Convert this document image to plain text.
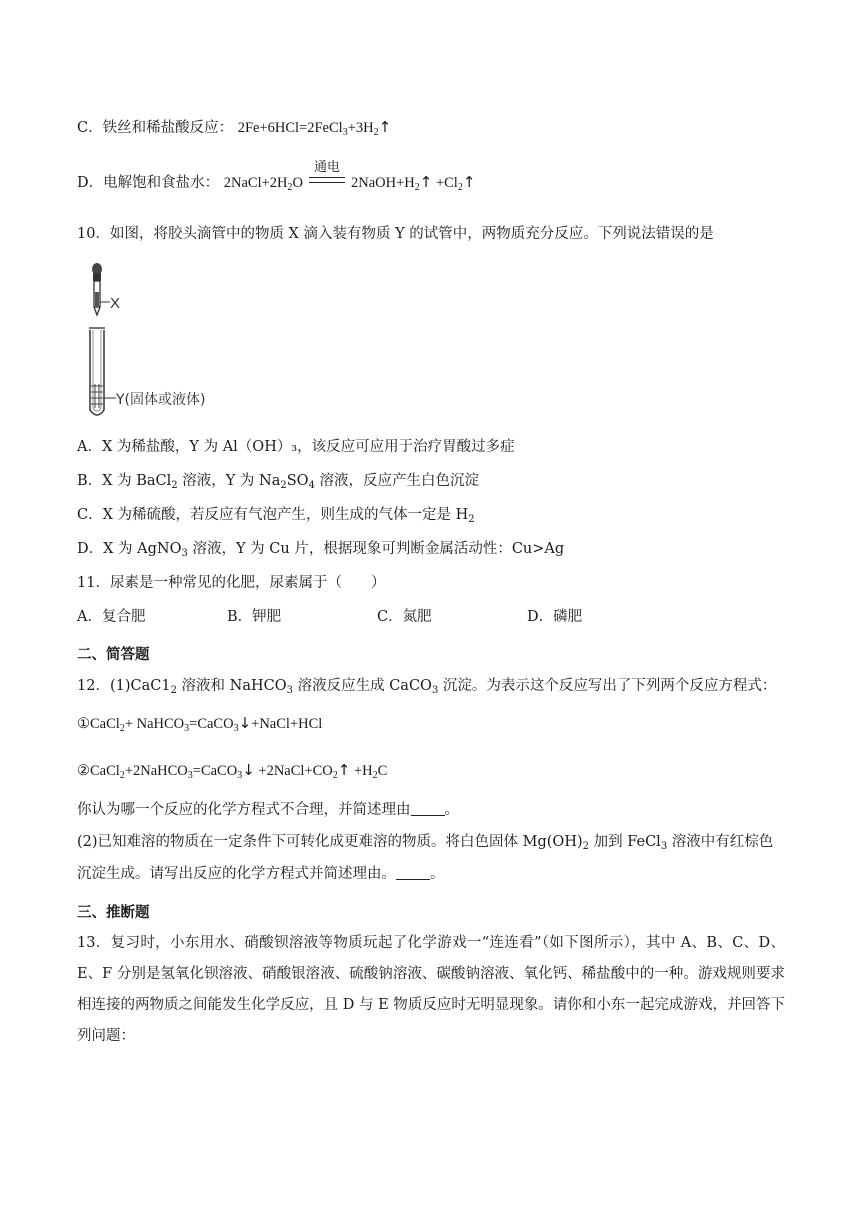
C．铁丝和稀盐酸反应： $2Fe+6HCl=2FeCl_3+3H_2↑$
D．电解饱和食盐水： $2NaCl+2H_2O$
通电
$2NaOH+H_2↑$ $+Cl_2↑$
10．如图，将胶头滴管中的物质 X 滴入装有物质 Y 的试管中，两物质充分反应。下列说法错误的是
X
Y(固体或液体)
A．X 为稀盐酸，Y 为 Al（OH）₃，该反应可应用于治疗胃酸过多症
B．X 为 BaCl$_2$ 溶液，Y 为 $Na_2SO_4$ 溶液，反应产生白色沉淀
C．X 为稀硫酸，若反应有气泡产生，则生成的气体一定是 $H_2$
D．X 为 AgNO$_3$ 溶液，Y 为 Cu 片，根据现象可判断金属活动性：Cu>Ag
11．尿素是一种常见的化肥，尿素属于（　　）
A．复合肥	B．钾肥	C．氮肥	D．磷肥
二、简答题
12．$(1)CaC1_2$ 溶液和 NaHCO$_3$ 溶液反应生成 CaCO$_3$ 沉淀。为表示这个反应写出了下列两个反应方程式：
①CaCl$_2$+ NaHCO$_3$=CaCO$_3$↓+NaCl+HCl
②CaCl$_2$+2NaHCO$_3$=CaCO$_3$↓ $+2NaCl+CO_2↑ +H_2C$
你认为哪一个反应的化学方程式不合理，并简述理由 。
(2)已知难溶的物质在一定条件下可转化成更难溶的物质。将白色固体 $Mg(OH)_2$ 加到 FeCl$_3$ 溶液中有红棕色
沉淀生成。请写出反应的化学方程式并简述理由。 。
三、推断题
13．复习时，小东用水、硝酸钡溶液等物质玩起了化学游戏一“连连看”（如下图所示），其中 A、B、C、D、E、F 分别是氢氧化钡溶液、硝酸银溶液、硫酸钠溶液、碳酸钠溶液、氧化钙、稀盐酸中的一种。游戏规则要求相连接的两物质之间能发生化学反应，且 D 与 E 物质反应时无明显现象。请你和小东一起完成游戏，并回答下列问题：
